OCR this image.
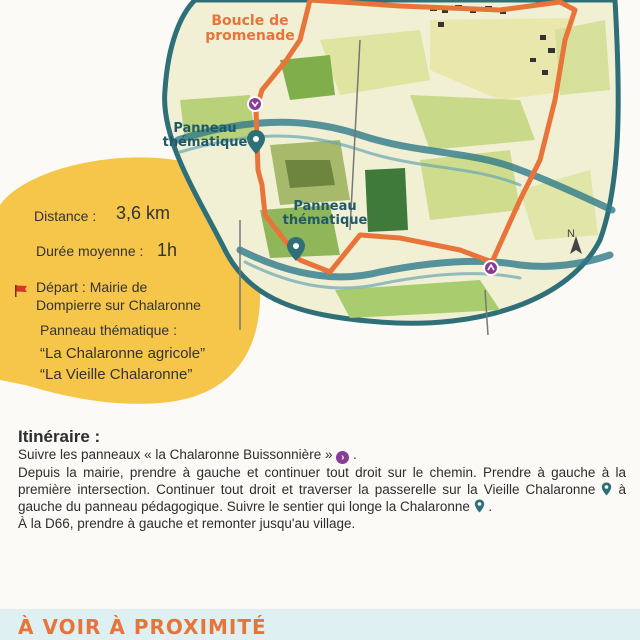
Boucle de promenade
Panneau thématique
Panneau thématique
N
Distance : 3,6 km
Durée moyenne : 1h
Départ : Mairie de
Dompierre sur Chalaronne
Panneau thématique :
“La Chalaronne agricole”
“La Vieille Chalaronne”
Itinéraire :

Suivre les panneaux « la Chalaronne Buissonnière » › .

Depuis la mairie, prendre à gauche et continuer tout droit sur le chemin. Prendre à gauche à la première intersection. Continuer tout droit et traverser la passerelle sur la Vieille Chalaronne à gauche du panneau pédagogique. Suivre le sentier qui longe la Chalaronne .

À la D66, prendre à gauche et remonter jusqu'au village.

À VOIR À PROXIMITÉ
